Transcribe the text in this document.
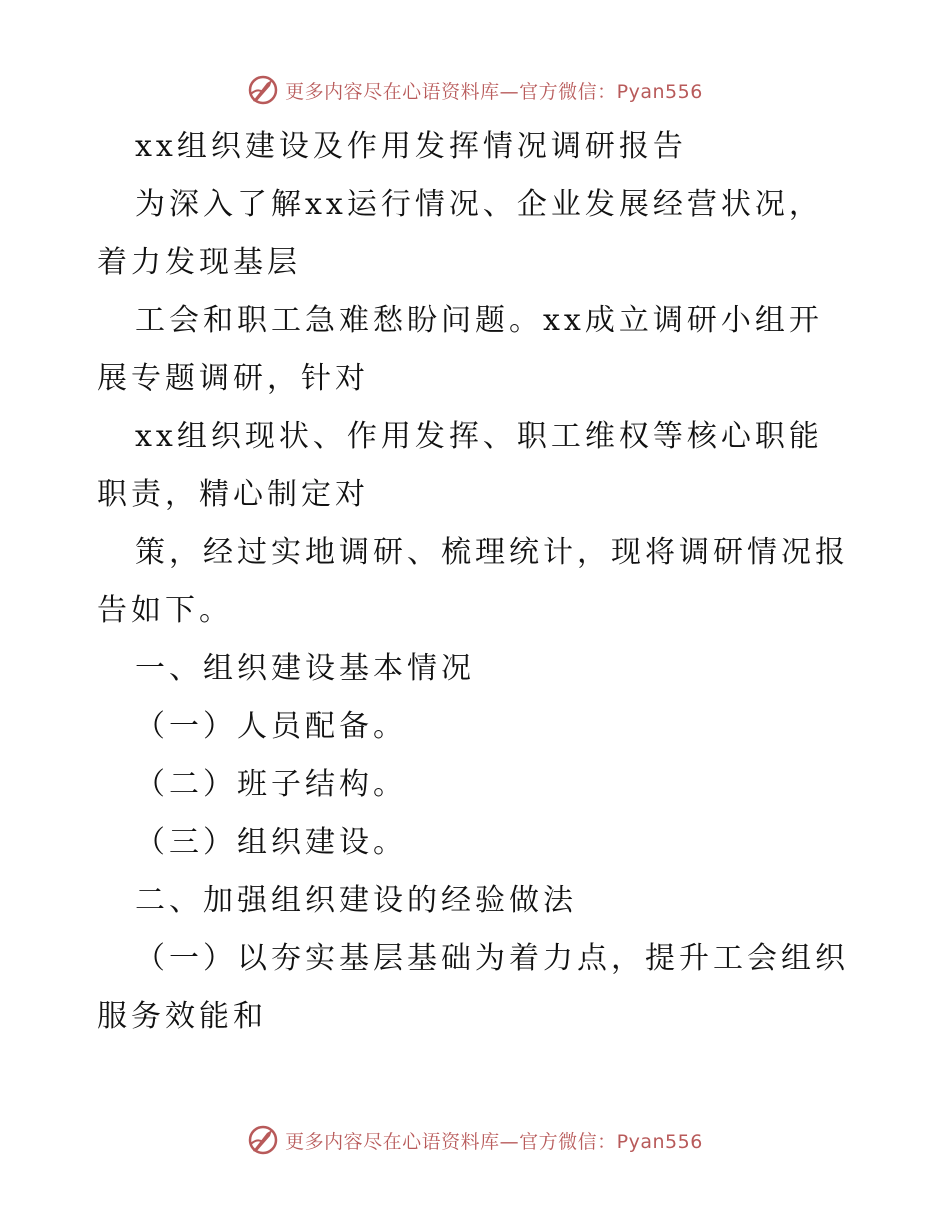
更多内容尽在心语资料库—官方微信：Pyan556

xx组织建设及作用发挥情况调研报告

为深入了解xx运行情况、企业发展经营状况，

着力发现基层

工会和职工急难愁盼问题。xx成立调研小组开

展专题调研，针对

xx组织现状、作用发挥、职工维权等核心职能

职责，精心制定对

策，经过实地调研、梳理统计，现将调研情况报

告如下。

一、组织建设基本情况

（一）人员配备。

（二）班子结构。

（三）组织建设。

二、加强组织建设的经验做法

（一）以夯实基层基础为着力点，提升工会组织

服务效能和

更多内容尽在心语资料库—官方微信：Pyan556
